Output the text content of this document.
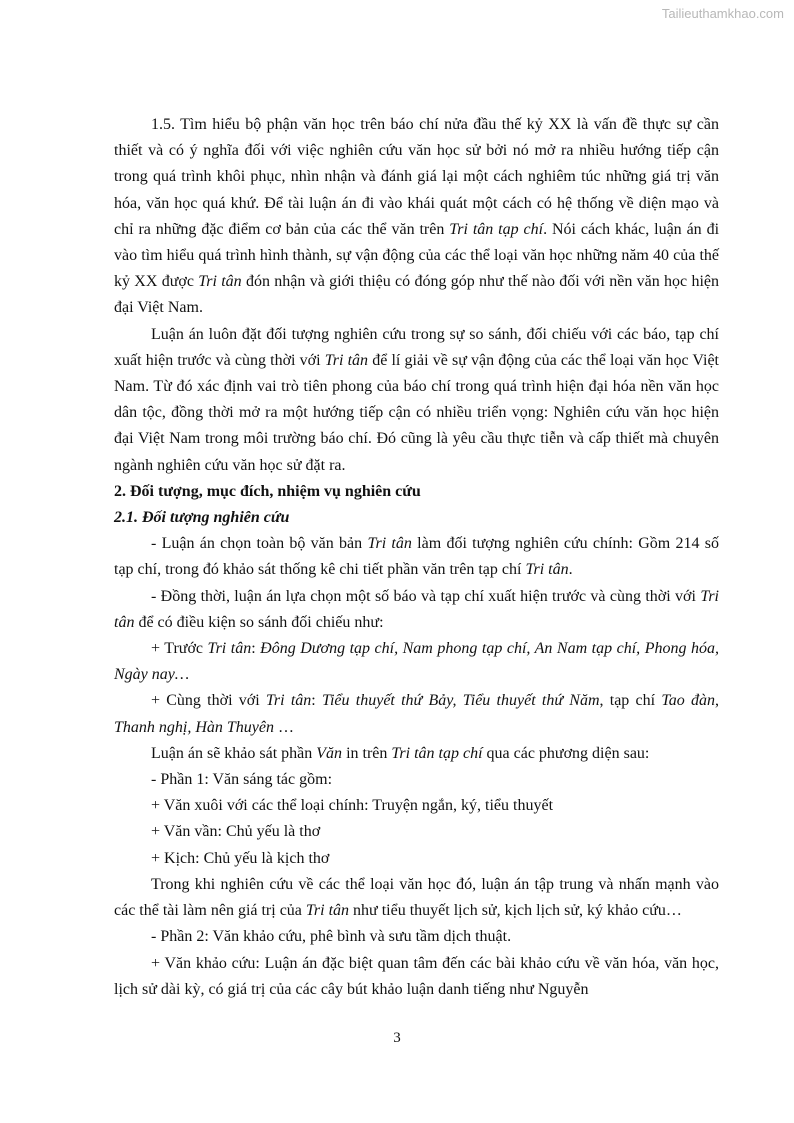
Tailieuthamkhao.com

1.5. Tìm hiểu bộ phận văn học trên báo chí nửa đầu thế kỷ XX là vấn đề thực sự cần thiết và có ý nghĩa đối với việc nghiên cứu văn học sử bởi nó mở ra nhiều hướng tiếp cận trong quá trình khôi phục, nhìn nhận và đánh giá lại một cách nghiêm túc những giá trị văn hóa, văn học quá khứ. Để tài luận án đi vào khái quát một cách có hệ thống về diện mạo và chỉ ra những đặc điểm cơ bản của các thể văn trên Tri tân tạp chí. Nói cách khác, luận án đi vào tìm hiểu quá trình hình thành, sự vận động của các thể loại văn học những năm 40 của thế kỷ XX được Tri tân đón nhận và giới thiệu có đóng góp như thế nào đối với nền văn học hiện đại Việt Nam.

Luận án luôn đặt đối tượng nghiên cứu trong sự so sánh, đối chiếu với các báo, tạp chí xuất hiện trước và cùng thời với Tri tân để lí giải về sự vận động của các thể loại văn học Việt Nam. Từ đó xác định vai trò tiên phong của báo chí trong quá trình hiện đại hóa nền văn học dân tộc, đồng thời mở ra một hướng tiếp cận có nhiều triển vọng: Nghiên cứu văn học hiện đại Việt Nam trong môi trường báo chí. Đó cũng là yêu cầu thực tiễn và cấp thiết mà chuyên ngành nghiên cứu văn học sử đặt ra.

2. Đối tượng, mục đích, nhiệm vụ nghiên cứu

2.1. Đối tượng nghiên cứu

- Luận án chọn toàn bộ văn bản Tri tân làm đối tượng nghiên cứu chính: Gồm 214 số tạp chí, trong đó khảo sát thống kê chi tiết phần văn trên tạp chí Tri tân.

- Đồng thời, luận án lựa chọn một số báo và tạp chí xuất hiện trước và cùng thời với Tri tân để có điều kiện so sánh đối chiếu như:

+ Trước Tri tân: Đông Dương tạp chí, Nam phong tạp chí, An Nam tạp chí, Phong hóa, Ngày nay…

+ Cùng thời với Tri tân: Tiểu thuyết thứ Bảy, Tiểu thuyết thứ Năm, tạp chí Tao đàn, Thanh nghị, Hàn Thuyên …

Luận án sẽ khảo sát phần Văn in trên Tri tân tạp chí qua các phương diện sau:

- Phần 1: Văn sáng tác gồm:

+ Văn xuôi với các thể loại chính: Truyện ngắn, ký, tiểu thuyết

+ Văn vần: Chủ yếu là thơ

+ Kịch: Chủ yếu là kịch thơ

Trong khi nghiên cứu về các thể loại văn học đó, luận án tập trung và nhấn mạnh vào các thể tài làm nên giá trị của Tri tân như tiểu thuyết lịch sử, kịch lịch sử, ký khảo cứu…

- Phần 2: Văn khảo cứu, phê bình và sưu tầm dịch thuật.

+ Văn khảo cứu: Luận án đặc biệt quan tâm đến các bài khảo cứu về văn hóa, văn học, lịch sử dài kỳ, có giá trị của các cây bút khảo luận danh tiếng như Nguyễn

3
